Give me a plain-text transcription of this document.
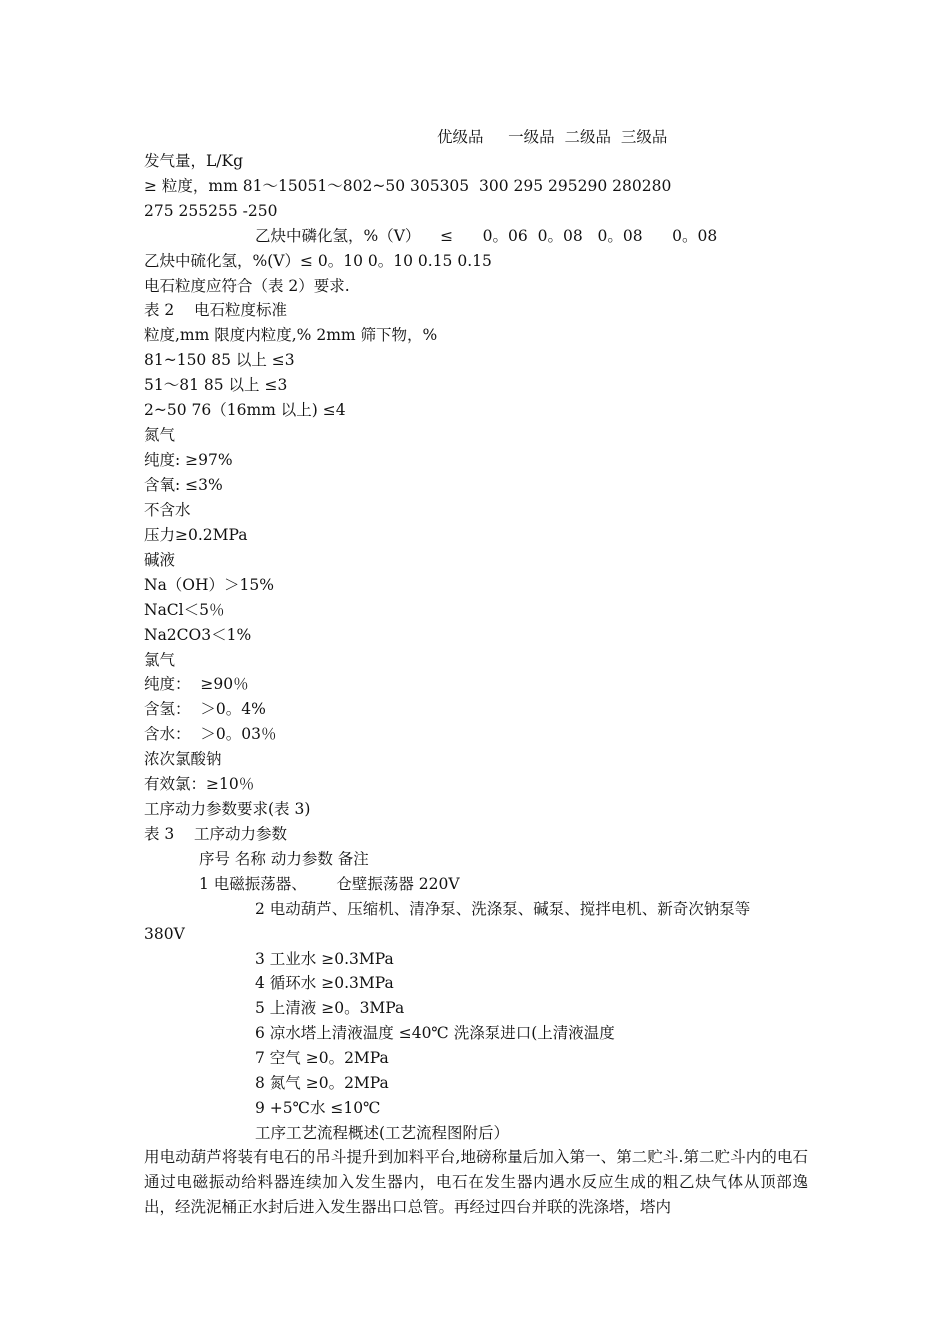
优级品     一级品  二级品  三级品
发气量，L/Kg
≥ 粒度，mm 81～15051～802~50 305305  300 295 295290 280280
275 255255 -250
乙炔中磷化氢，%（V）    ≤      0。06  0。08   0。08      0。08
乙炔中硫化氢，%(V）≤ 0。10 0。10 0.15 0.15
电石粒度应符合（表 2）要求.
表 2    电石粒度标准
粒度,mm 限度内粒度,% 2mm 筛下物，%
81~150 85 以上 ≤3
51～81 85 以上 ≤3
2~50 76（16mm 以上) ≤4
氮气
纯度: ≥97%
含氧: ≤3%
不含水
压力≥0.2MPa
碱液
Na（OH）＞15%
NaCl＜5％
Na2CO3＜1%
氯气
纯度：  ≥90％
含氢：  ＞0。4%
含水：  ＞0。03％
浓次氯酸钠
有效氯：≥10％
工序动力参数要求(表 3)
表 3    工序动力参数
序号 名称 动力参数 备注
1 电磁振荡器、      仓壁振荡器 220V
2 电动葫芦、压缩机、清净泵、洗涤泵、碱泵、搅拌电机、新奇次钠泵等
380V
3 工业水 ≥0.3MPa
4 循环水 ≥0.3MPa
5 上清液 ≥0。3MPa
6 凉水塔上清液温度 ≤40℃ 洗涤泵进口(上清液温度
7 空气 ≥0。2MPa
8 氮气 ≥0。2MPa
9 +5℃水 ≤10℃
工序工艺流程概述(工艺流程图附后）
用电动葫芦将装有电石的吊斗提升到加料平台,地磅称量后加入第一、第二贮斗.第二贮斗内的电石通过电磁振动给料器连续加入发生器内，电石在发生器内遇水反应生成的粗乙炔气体从顶部逸出，经洗泥桶正水封后进入发生器出口总管。再经过四台并联的洗涤塔，塔内
